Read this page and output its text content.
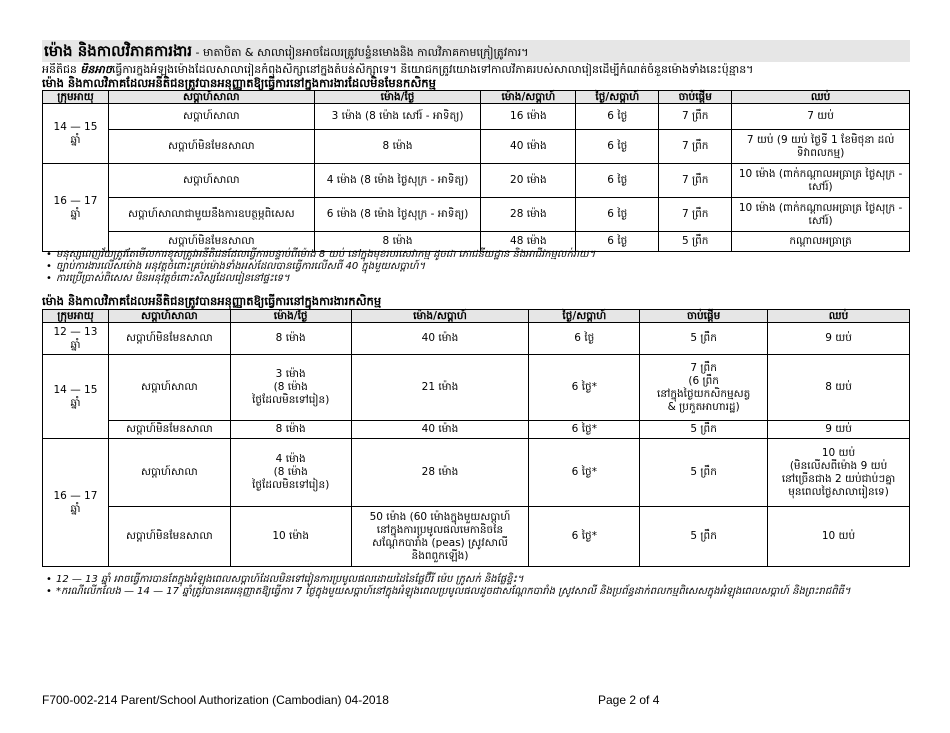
ម៉ោង និងកាលវិភាគការងារ - មាតាបិតា & សាលារៀនអាចដែលរត្រូវបន្ទំនមោងនិង កាលវិភាគកាមក្រៀត្រូវការ។
អនីតិជន មិនអាចធ្វើការក្នុងអំឡុងម៉ោងដែលសាលារៀនកំពុងសិក្សានៅក្នុងតំបន់សិក្សាទេ។ និយោជកត្រូវយោងទៅកាលវិភាគរបស់សាលារៀនដើម្បីកំណត់ចំនួនម៉ោងទាំងនេះប៉ុន្មាន។
ម៉ោង និងកាលវិភាគដែលអនីតិជនត្រូវបានអនុញ្ញាតឱ្យធ្វើការនៅក្នុងការងារដែលមិនមែនកសិកម្ម
ក្រុមអាយុ	សប្តាហ៍សាលា	ម៉ោង/ថ្ងៃ	ម៉ោង/សប្តាហ៍	ថ្ងៃ/សប្តាហ៍	ចាប់ផ្តើម	ឈប់
14 — 15
ឆ្នាំ	សប្តាហ៍សាលា	3 ម៉ោង (8 ម៉ោង សៅរ៍ - អាទិត្យ)	16 ម៉ោង	6 ថ្ងៃ	7 ព្រឹក	7 យប់
	សប្តាហ៍មិនមែនសាលា	8 ម៉ោង	40 ម៉ោង	6 ថ្ងៃ	7 ព្រឹក	7 យប់ (9 យប់ ថ្ងៃទី 1 ខែមិថុនា ដល់ទិវាពលកម្ម)
16 — 17
ឆ្នាំ	សប្តាហ៍សាលា	4 ម៉ោង (8 ម៉ោង ថ្ងៃសុក្រ - អាទិត្យ)	20 ម៉ោង	6 ថ្ងៃ	7 ព្រឹក	10 ម៉ោង (ពាក់កណ្តាលអធ្រាត្រ ថ្ងៃសុក្រ - សៅរ៍)
	សប្តាហ៍សាលាជាមួយនឹងការឧបត្ថម្ភពិសេស	6 ម៉ោង (8 ម៉ោង ថ្ងៃសុក្រ - អាទិត្យ)	28 ម៉ោង	6 ថ្ងៃ	7 ព្រឹក	10 ម៉ោង (ពាក់កណ្តាលអធ្រាត្រ ថ្ងៃសុក្រ - សៅរ៍)
	សប្តាហ៍មិនមែនសាលា	8 ម៉ោង	48 ម៉ោង	6 ថ្ងៃ	5 ព្រឹក	កណ្តាលអធ្រាត្រ
• មនុស្សពេញវ័យត្រូវតែមើលការខុសត្រូវអនីតិជនដែលធ្វើការបន្ទាប់ពីម៉ោង 8 យប់ នៅក្នុងមុខរបរសេវាកម្ម ដូចជា ភោជនីយដ្ឋាន និងអាជីវកម្មលក់រាយ។
• ច្បាប់ការងារលើសម៉ោង អនុវត្តចំពោះគ្រប់ម៉ោងទាំងអស់ដែលបានធ្វើការលើសពី 40 ក្នុងមួយសប្តាហ៍។
• ការប្រើប្រាស់ពិសេស មិនអនុវត្តចំពោះសិស្សដែលរៀននៅផ្ទះទេ។
ម៉ោង និងកាលវិភាគដែលអនីតិជនត្រូវបានអនុញ្ញាតឱ្យធ្វើការនៅក្នុងការងារកសិកម្ម
ក្រុមអាយុ	សប្តាហ៍សាលា	ម៉ោង/ថ្ងៃ	ម៉ោង/សប្តាហ៍	ថ្ងៃ/សប្តាហ៍	ចាប់ផ្តើម	ឈប់
12 — 13
ឆ្នាំ	សប្តាហ៍មិនមែនសាលា	8 ម៉ោង	40 ម៉ោង	6 ថ្ងៃ	5 ព្រឹក	9 យប់
14 — 15
ឆ្នាំ	សប្តាហ៍សាលា	3 ម៉ោង
(8 ម៉ោង
ថ្ងៃដែលមិនទៅរៀន)	21 ម៉ោង	6 ថ្ងៃ*	7 ព្រឹក
(6 ព្រឹក
នៅក្នុងថ្ងៃយកសិកម្មសត្វ
& ប្រកួតអាហារដ្ឋ)	8 យប់
	សប្តាហ៍មិនមែនសាលា	8 ម៉ោង	40 ម៉ោង	6 ថ្ងៃ*	5 ព្រឹក	9 យប់
16 — 17
ឆ្នាំ	សប្តាហ៍សាលា	4 ម៉ោង
(8 ម៉ោង
ថ្ងៃដែលមិនទៅរៀន)	28 ម៉ោង	6 ថ្ងៃ*	5 ព្រឹក	10 យប់
(មិនលើសពីម៉ោង 9 យប់
នៅច្រើនជាង 2 យប់ជាប់ៗគ្នា
មុនពេលថ្ងៃសាលារៀនទេ)
	សប្តាហ៍មិនមែនសាលា	10 ម៉ោង	50 ម៉ោង (60 ម៉ោងក្នុងមួយសប្តាហ៍
នៅក្នុងការប្រមូលផលមេកានិចនៃ
សណ្តែកបារាំង (peas) ស្រូវសាលី
និងពពួកឡើង)	6 ថ្ងៃ*	5 ព្រឹក	10 យប់
• 12 — 13 ឆ្នាំ អាចធ្វើការបានតែក្នុងអំឡុងពេលសប្តាហ៍ដែលមិនទៅរៀនការប្រមូលផលដោយដៃនៃផ្លែប៊ឺរី ម៉េប ក្រូសក់ និងផ្លែខ្ទិះ។
• *ករណីលើកលែង — 14 — 17 ឆ្នាំត្រូវបានគេអនុញ្ញាតឱ្យធ្វើការ 7 ថ្ងៃក្នុងមួយសប្តាហ៍នៅក្នុងអំឡុងពេលប្រមូលផលដូចជាសណ្តែកបារាំង ស្រូវសាលី និងប្រព័ន្ធដាក់ពលកម្មពិសេសក្នុងអំឡុងពេលសប្តាហ៍ និងព្រះរាជពិធី។
F700-002-214 Parent/School Authorization (Cambodian) 04-2018	Page 2 of 4
